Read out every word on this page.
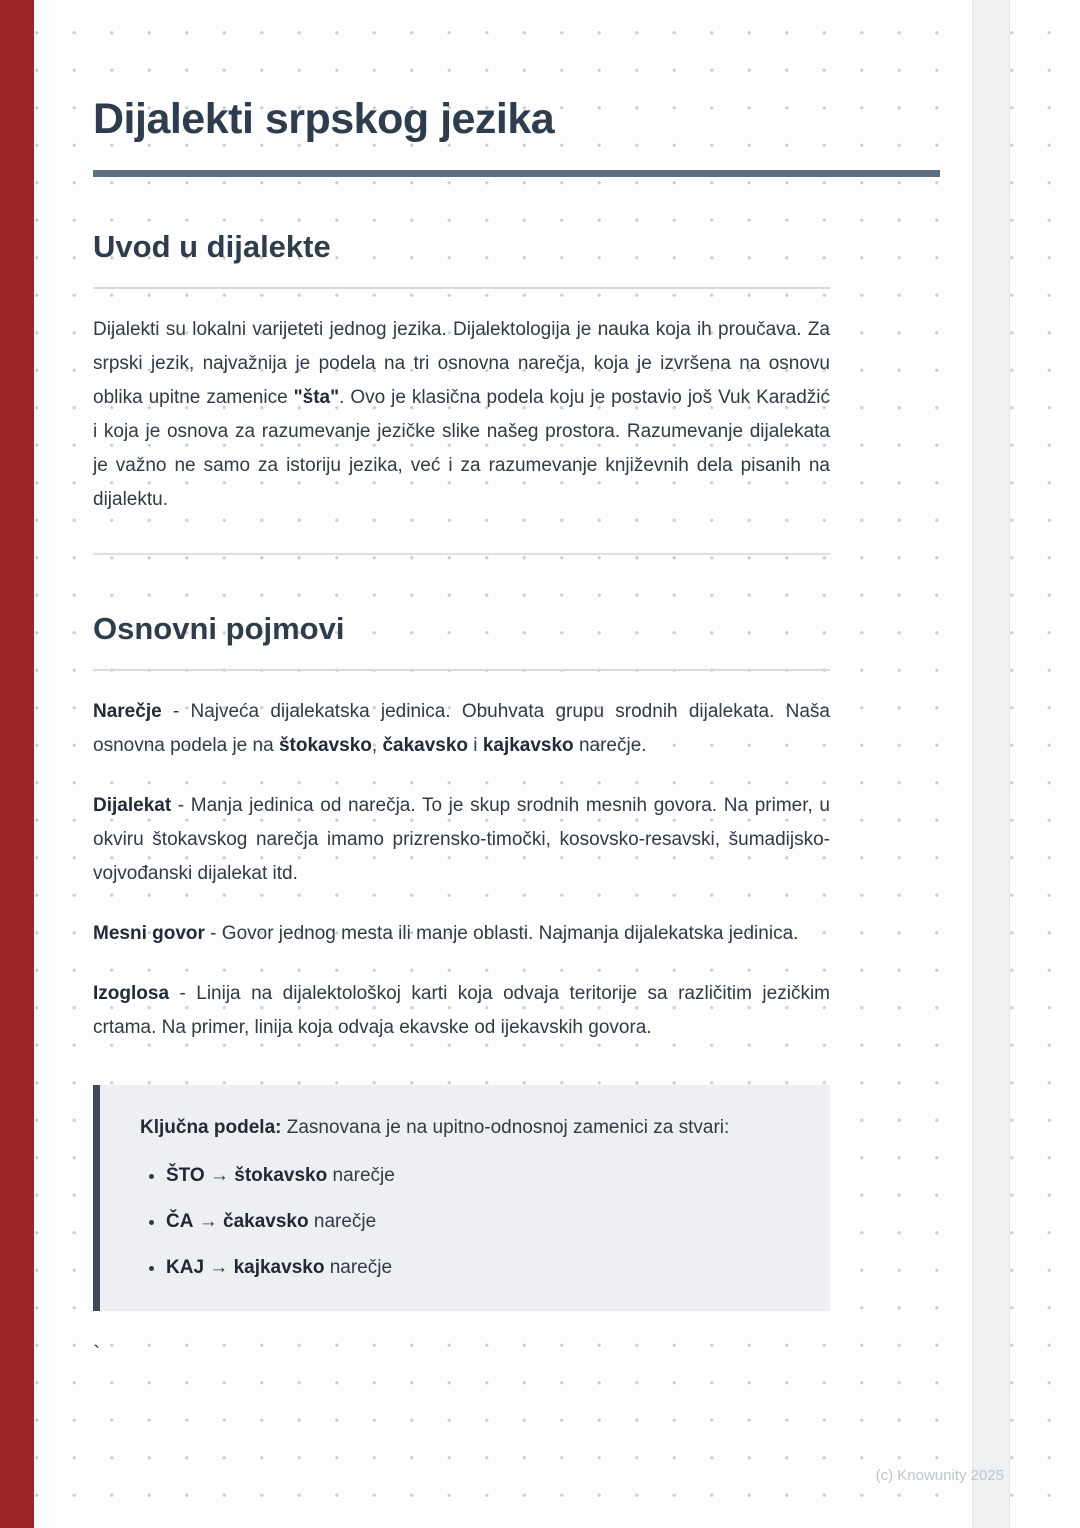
Dijalekti srpskog jezika
Uvod u dijalekte

Dijalekti su lokalni varijeteti jednog jezika. Dijalektologija je nauka koja ih proučava. Za srpski jezik, najvažnija je podela na tri osnovna narečja, koja je izvršena na osnovu oblika upitne zamenice "šta". Ovo je klasična podela koju je postavio još Vuk Karadžić i koja je osnova za razumevanje jezičke slike našeg prostora. Razumevanje dijalekata je važno ne samo za istoriju jezika, već i za razumevanje književnih dela pisanih na dijalektu.

Osnovni pojmovi

Narečje - Najveća dijalekatska jedinica. Obuhvata grupu srodnih dijalekata. Naša osnovna podela je na štokavsko, čakavsko i kajkavsko narečje.

Dijalekat - Manja jedinica od narečja. To je skup srodnih mesnih govora. Na primer, u okviru štokavskog narečja imamo prizrensko-timočki, kosovsko-resavski, šumadijsko-vojvođanski dijalekat itd.

Mesni govor - Govor jednog mesta ili manje oblasti. Najmanja dijalekatska jedinica.

Izoglosa - Linija na dijalektološkoj karti koja odvaja teritorije sa različitim jezičkim crtama. Na primer, linija koja odvaja ekavske od ijekavskih govora.

Ključna podela: Zasnovana je na upitno-odnosnoj zamenici za stvari:

• ŠTO → štokavsko narečje
• ČA → čakavsko narečje
• KAJ → kajkavsko narečje
`
(c) Knowunity 2025
